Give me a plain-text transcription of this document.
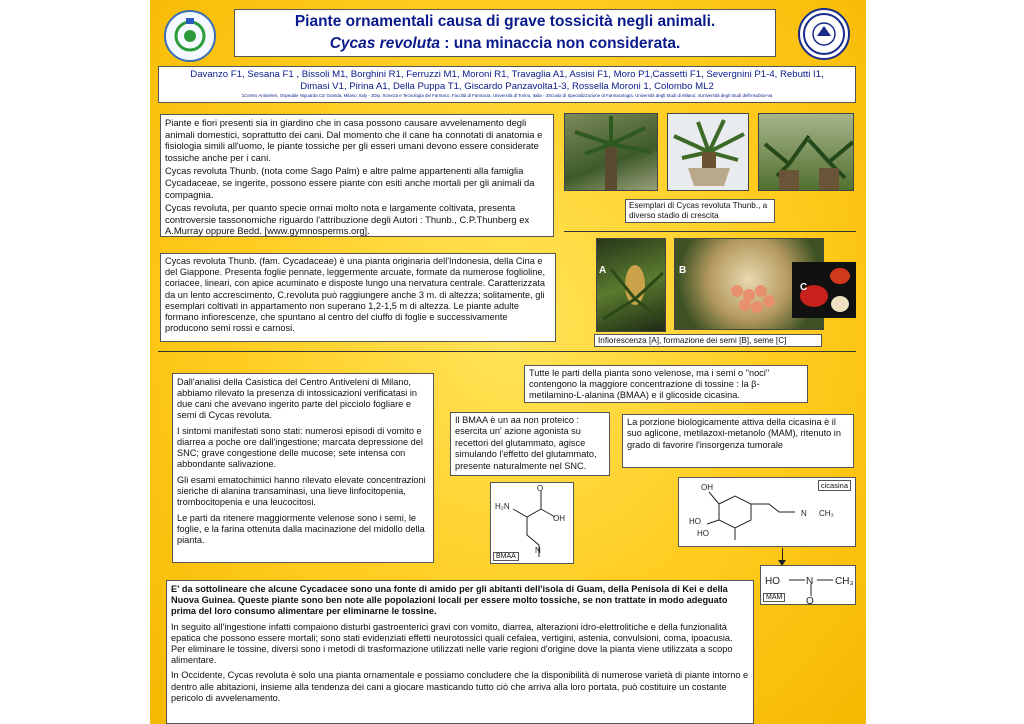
Piante ornamentali causa di grave tossicità negli animali.
Cycas revoluta : una minaccia non considerata.
Davanzo F1, Sesana F1 , Bissoli M1, Borghini R1, Ferruzzi M1, Moroni R1, Travaglia A1, Assisi F1, Moro P1,Cassetti F1, Severgnini P1-4, Rebutti I1,
Dimasi V1, Pirina A1, Della Puppa T1, Giscardo Panzavolta1-3, Rossella Moroni 1, Colombo ML2
1Centro Antiveleni, Ospedale Niguarda Ca' Granda, Milano, Italy - 2Dip. Scienza e Tecnologia del Farmaco, Facoltà di Farmacia, Università di Torino, Italia - 3Scuola di Specializzazione di Farmacologia, Università degli Studi di Milano; 4Università degli Studi dell'Insubria-Va

Piante e fiori presenti sia in giardino che in casa possono causare avvelenamento degli animali domestici, soprattutto dei cani. Dal momento che il cane ha connotati di anatomia e fisiologia simili all'uomo, le piante tossiche per gli esseri umani devono essere considerate tossiche anche per i cani.

Cycas revoluta Thunb. (nota come Sago Palm) e altre palme appartenenti alla famiglia Cycadaceae, se ingerite, possono essere piante con esiti anche mortali per gli animali da compagnia.

Cycas revoluta, per quanto specie ormai molto nota e largamente coltivata, presenta controversie tassonomiche riguardo l'attribuzione degli Autori : Thunb., C.P.Thunberg ex A.Murray oppure Bedd. [www.gymnosperms.org].

Esemplari di Cycas revoluta Thunb., a diverso stadio di crescita
Cycas revoluta Thunb. (fam. Cycadaceae) è una pianta originaria dell'Indonesia, della Cina e del Giappone. Presenta foglie pennate, leggermente arcuate, formate da numerose foglioline, coriacee, lineari, con apice acuminato e disposte lungo una nervatura centrale. Caratterizzata da un lento accrescimento, C.revoluta può raggiungere anche 3 m. di altezza; solitamente, gli esemplari coltivati in appartamento non superano 1,2-1,5 m di altezza. Le piante adulte formano infiorescenze, che spuntano al centro del ciuffo di foglie e successivamente producono semi rossi e carnosi.
A	B
C
Infiorescenza [A], formazione dei semi [B], seme [C]

Dall'analisi della Casistica del Centro Antiveleni di Milano, abbiamo rilevato la presenza di intossicazioni verificatasi in due cani che avevano ingerito parte del picciolo fogliare e semi di Cycas revoluta.

I sintomi manifestati sono stati: numerosi episodi di vomito e diarrea a poche ore dall'ingestione; marcata depressione del SNC; grave congestione delle mucose; sete intensa con abbondante salivazione.

Gli esami ematochimici hanno rilevato elevate concentrazioni sieriche di alanina transaminasi, una lieve linfocitopenia, trombocitopenia e una leucocitosi.

Le parti da ritenere maggiormente velenose sono i semi, le foglie, e la farina ottenuta dalla macinazione del midollo della pianta.

Tutte le parti della pianta sono velenose, ma i semi o "noci" contengono la maggiore concentrazione di tossine : la β-metilamino-L-alanina (BMAA) e il glicoside cicasina.
Il BMAA è un aa non proteico : esercita un' azione agonista su recettori del glutammato, agisce simulando l'effetto del glutammato, presente naturalmente nel SNC.
La porzione biologicamente attiva della cicasina è il suo aglicone, metilazoxi-metanolo (MAM), ritenuto in grado di favorire l'insorgenza tumorale
H₂N
O
OH
N
BMAA
OH
HO
HO
N CH₃
cicasina
HO	N CH₃
O
MAM

E' da sottolineare che alcune Cycadacee sono una fonte di amido per gli abitanti dell'isola di Guam, della Penisola di Kei e della Nuova Guinea. Queste piante sono ben note alle popolazioni locali per essere molto tossiche, se non trattate in modo adeguato prima del loro consumo alimentare per eliminarne le tossine.

In seguito all'ingestione infatti compaiono disturbi gastroenterici gravi con vomito, diarrea, alterazioni idro-elettrolitiche e della funzionalità epatica che possono essere mortali; sono stati evidenziati effetti neurotossici quali cefalea, vertigini, astenia, convulsioni, coma, ipoacusia. Per eliminare le tossine, diversi sono i metodi di trasformazione utilizzati nelle varie regioni d'origine dove la pianta viene utilizzata a scopo alimentare.

In Occidente, Cycas revoluta è solo una pianta ornamentale e possiamo concludere che la disponibilità di numerose varietà di piante intorno e dentro alle abitazioni, insieme alla tendenza dei cani a giocare masticando tutto ciò che arriva alla loro portata, può costituire un costante pericolo di avvelenamento.
